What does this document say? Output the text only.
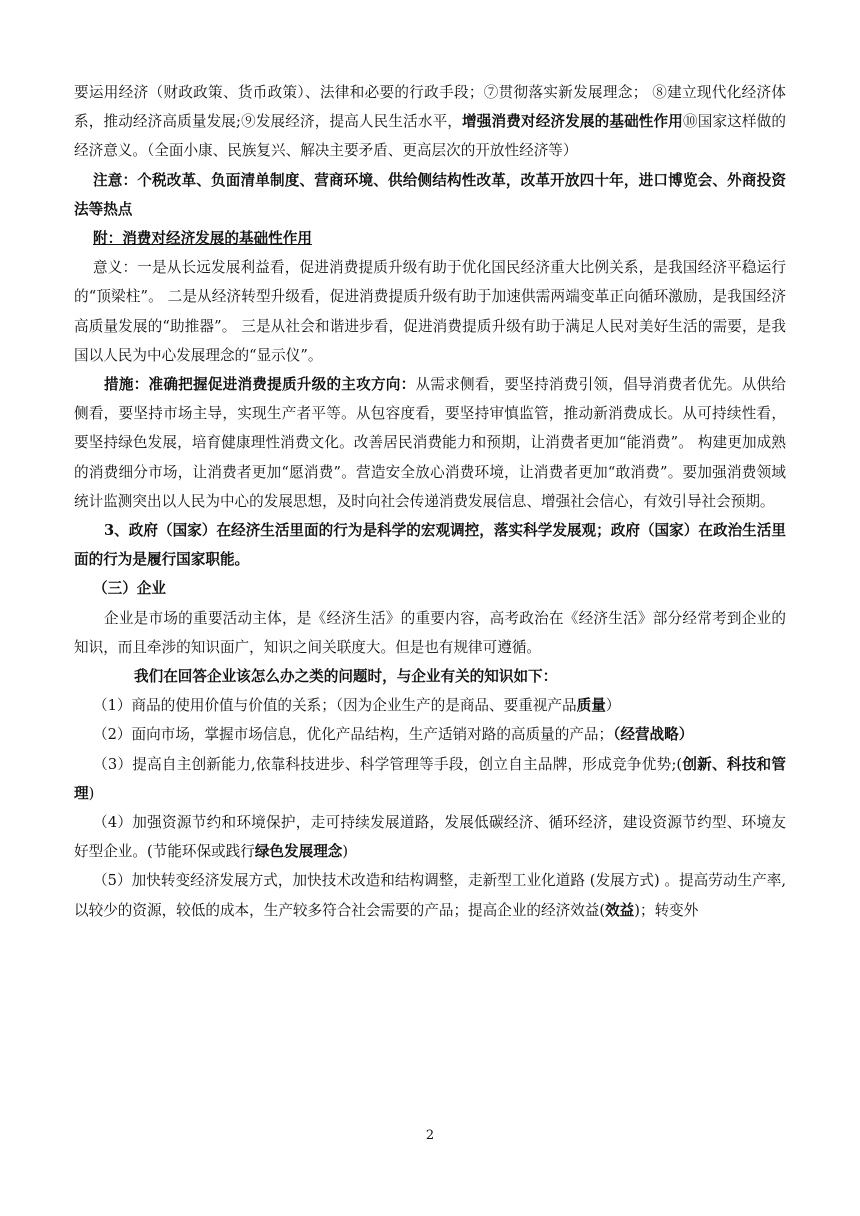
要运用经济（财政政策、货币政策）、法律和必要的行政手段；⑦贯彻落实新发展理念； ⑧建立现代化经济体系，推动经济高质量发展;⑨发展经济，提高人民生活水平，增强消费对经济发展的基础性作用⑩国家这样做的经济意义。（全面小康、民族复兴、解决主要矛盾、更高层次的开放性经济等）

注意：个税改革、负面清单制度、营商环境、供给侧结构性改革，改革开放四十年，进口博览会、外商投资法等热点

附：消费对经济发展的基础性作用

意义：一是从长远发展利益看，促进消费提质升级有助于优化国民经济重大比例关系，是我国经济平稳运行的“顶梁柱”。 二是从经济转型升级看，促进消费提质升级有助于加速供需两端变革正向循环激励，是我国经济高质量发展的“助推器”。 三是从社会和谐进步看，促进消费提质升级有助于满足人民对美好生活的需要，是我国以人民为中心发展理念的“显示仪”。

措施：准确把握促进消费提质升级的主攻方向：从需求侧看，要坚持消费引领，倡导消费者优先。从供给侧看，要坚持市场主导，实现生产者平等。从包容度看，要坚持审慎监管，推动新消费成长。从可持续性看，要坚持绿色发展，培育健康理性消费文化。改善居民消费能力和预期，让消费者更加“能消费”。 构建更加成熟的消费细分市场，让消费者更加“愿消费”。营造安全放心消费环境，让消费者更加“敢消费”。要加强消费领域统计监测突出以人民为中心的发展思想，及时向社会传递消费发展信息、增强社会信心，有效引导社会预期。

3、政府（国家）在经济生活里面的行为是科学的宏观调控，落实科学发展观；政府（国家）在政治生活里面的行为是履行国家职能。

（三）企业

企业是市场的重要活动主体，是《经济生活》的重要内容，高考政治在《经济生活》部分经常考到企业的知识，而且牵涉的知识面广，知识之间关联度大。但是也有规律可遵循。

我们在回答企业该怎么办之类的问题时，与企业有关的知识如下：

（1）商品的使用价值与价值的关系；（因为企业生产的是商品、要重视产品质量）

（2）面向市场，掌握市场信息，优化产品结构，生产适销对路的高质量的产品；（经营战略）

（3）提高自主创新能力,依靠科技进步、科学管理等手段，创立自主品牌，形成竞争优势;(创新、科技和管理)

（4）加强资源节约和环境保护，走可持续发展道路，发展低碳经济、循环经济，建设资源节约型、环境友好型企业。(节能环保或践行绿色发展理念)

（5）加快转变经济发展方式，加快技术改造和结构调整，走新型工业化道路 (发展方式) 。提高劳动生产率,以较少的资源，较低的成本，生产较多符合社会需要的产品；提高企业的经济效益(效益)；转变外

2
